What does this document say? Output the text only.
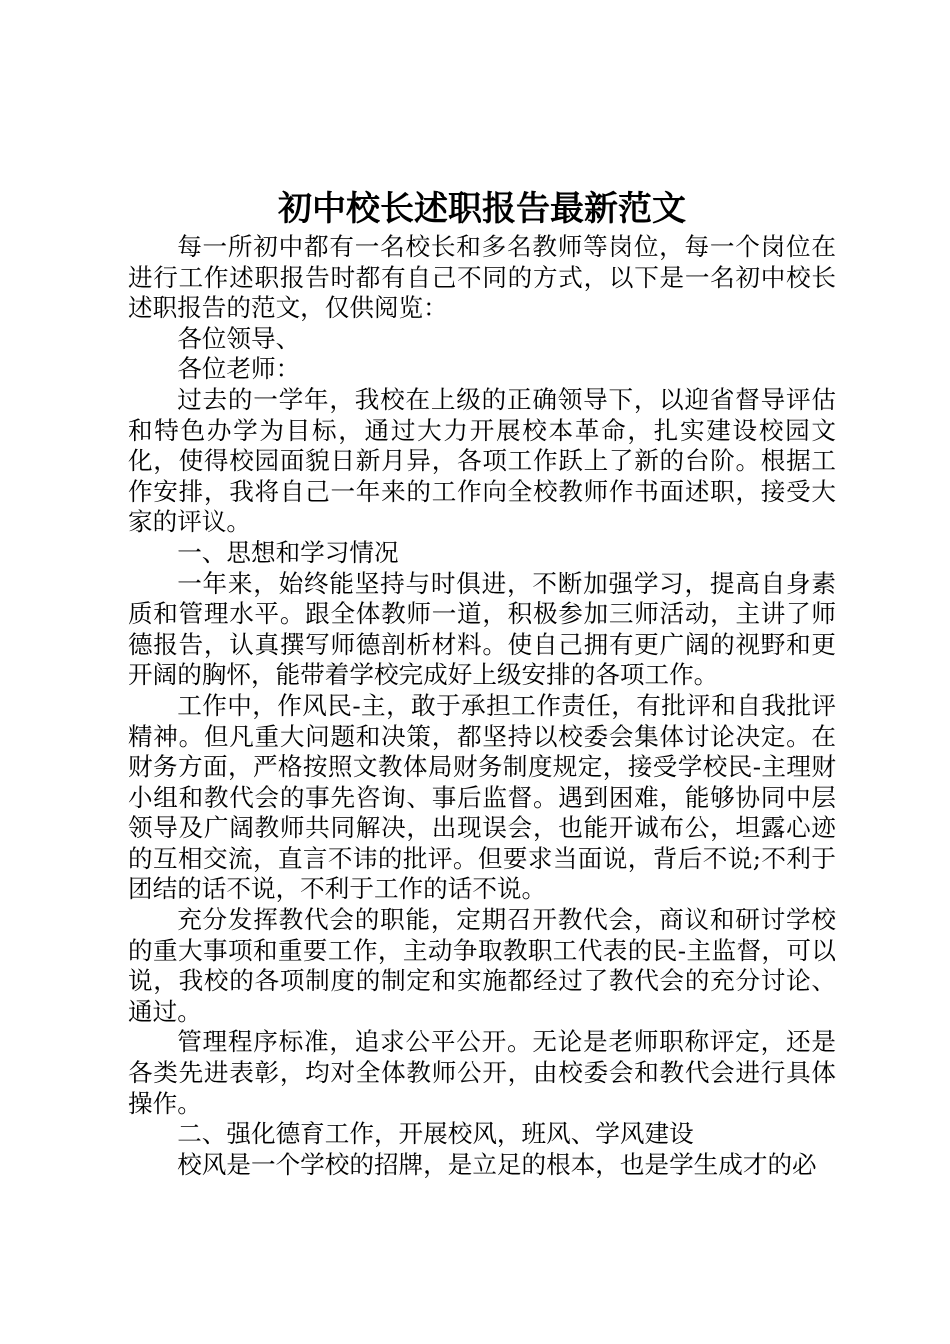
初中校长述职报告最新范文

每一所初中都有一名校长和多名教师等岗位，每一个岗位在进行工作述职报告时都有自己不同的方式，以下是一名初中校长述职报告的范文，仅供阅览：

各位领导、

各位老师：

过去的一学年，我校在上级的正确领导下，以迎省督导评估和特色办学为目标，通过大力开展校本革命，扎实建设校园文化，使得校园面貌日新月异，各项工作跃上了新的台阶。根据工作安排，我将自己一年来的工作向全校教师作书面述职，接受大家的评议。

一、思想和学习情况

一年来，始终能坚持与时俱进，不断加强学习，提高自身素质和管理水平。跟全体教师一道，积极参加三师活动，主讲了师德报告，认真撰写师德剖析材料。使自己拥有更广阔的视野和更开阔的胸怀，能带着学校完成好上级安排的各项工作。

工作中，作风民-主，敢于承担工作责任，有批评和自我批评精神。但凡重大问题和决策，都坚持以校委会集体讨论决定。在财务方面，严格按照文教体局财务制度规定，接受学校民-主理财小组和教代会的事先咨询、事后监督。遇到困难，能够协同中层领导及广阔教师共同解决，出现误会，也能开诚布公，坦露心迹的互相交流，直言不讳的批评。但要求当面说，背后不说;不利于团结的话不说，不利于工作的话不说。

充分发挥教代会的职能，定期召开教代会，商议和研讨学校的重大事项和重要工作，主动争取教职工代表的民-主监督，可以说，我校的各项制度的制定和实施都经过了教代会的充分讨论、通过。

管理程序标准，追求公平公开。无论是老师职称评定，还是各类先进表彰，均对全体教师公开，由校委会和教代会进行具体操作。

二、强化德育工作，开展校风，班风、学风建设

校风是一个学校的招牌，是立足的根本，也是学生成才的必
